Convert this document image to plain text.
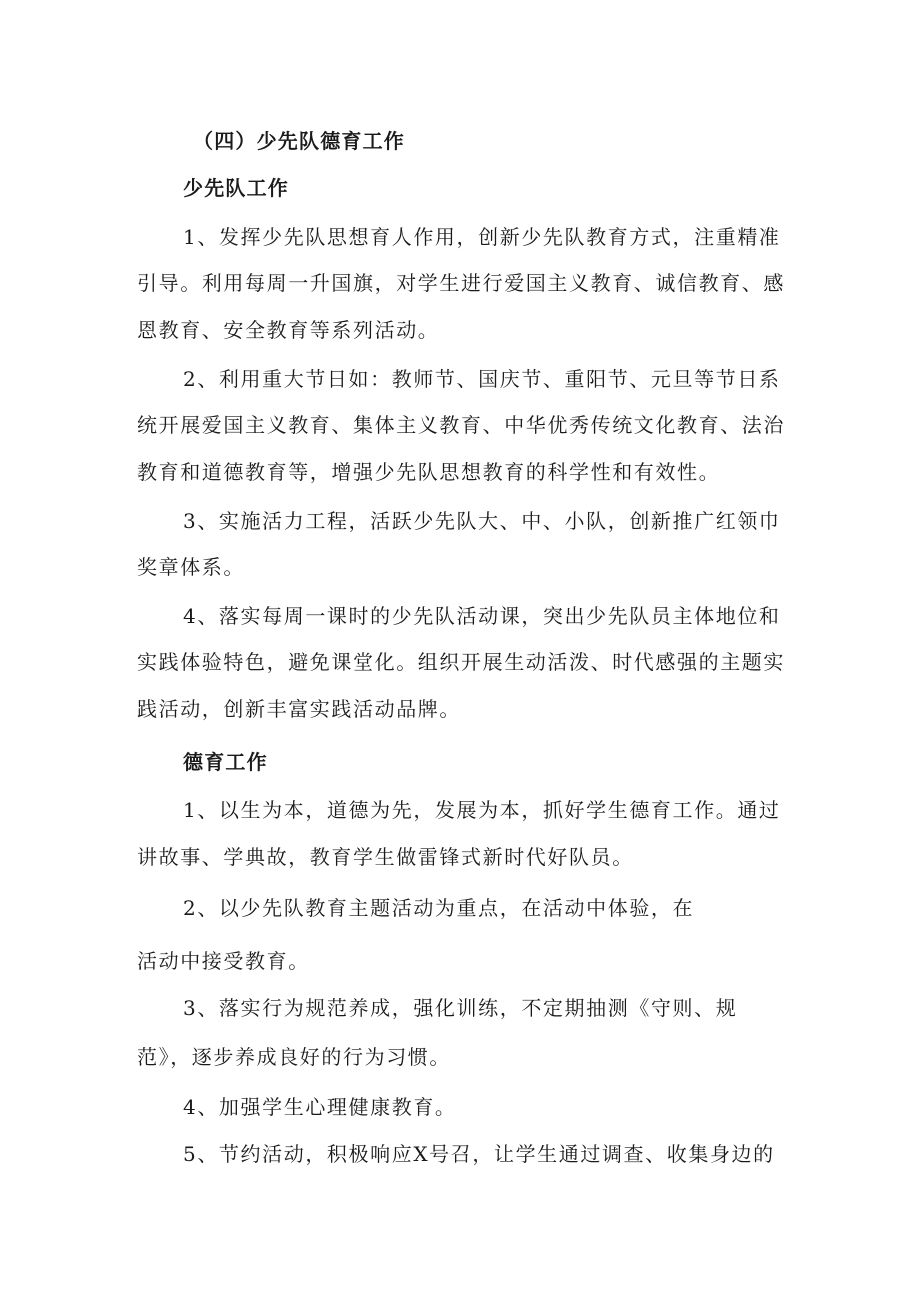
（四）少先队德育工作
少先队工作
1、发挥少先队思想育人作用，创新少先队教育方式，注重精准
引导。利用每周一升国旗，对学生进行爱国主义教育、诚信教育、感
恩教育、安全教育等系列活动。
2、利用重大节日如：教师节、国庆节、重阳节、元旦等节日系
统开展爱国主义教育、集体主义教育、中华优秀传统文化教育、法治
教育和道德教育等，增强少先队思想教育的科学性和有效性。
3、实施活力工程，活跃少先队大、中、小队，创新推广红领巾
奖章体系。
4、落实每周一课时的少先队活动课，突出少先队员主体地位和
实践体验特色，避免课堂化。组织开展生动活泼、时代感强的主题实
践活动，创新丰富实践活动品牌。
德育工作
1、以生为本，道德为先，发展为本，抓好学生德育工作。通过
讲故事、学典故，教育学生做雷锋式新时代好队员。
2、以少先队教育主题活动为重点，在活动中体验，在
活动中接受教育。
3、落实行为规范养成，强化训练，不定期抽测《守则、规
范》，逐步养成良好的行为习惯。
4、加强学生心理健康教育。
5、节约活动，积极响应X号召，让学生通过调查、收集身边的
